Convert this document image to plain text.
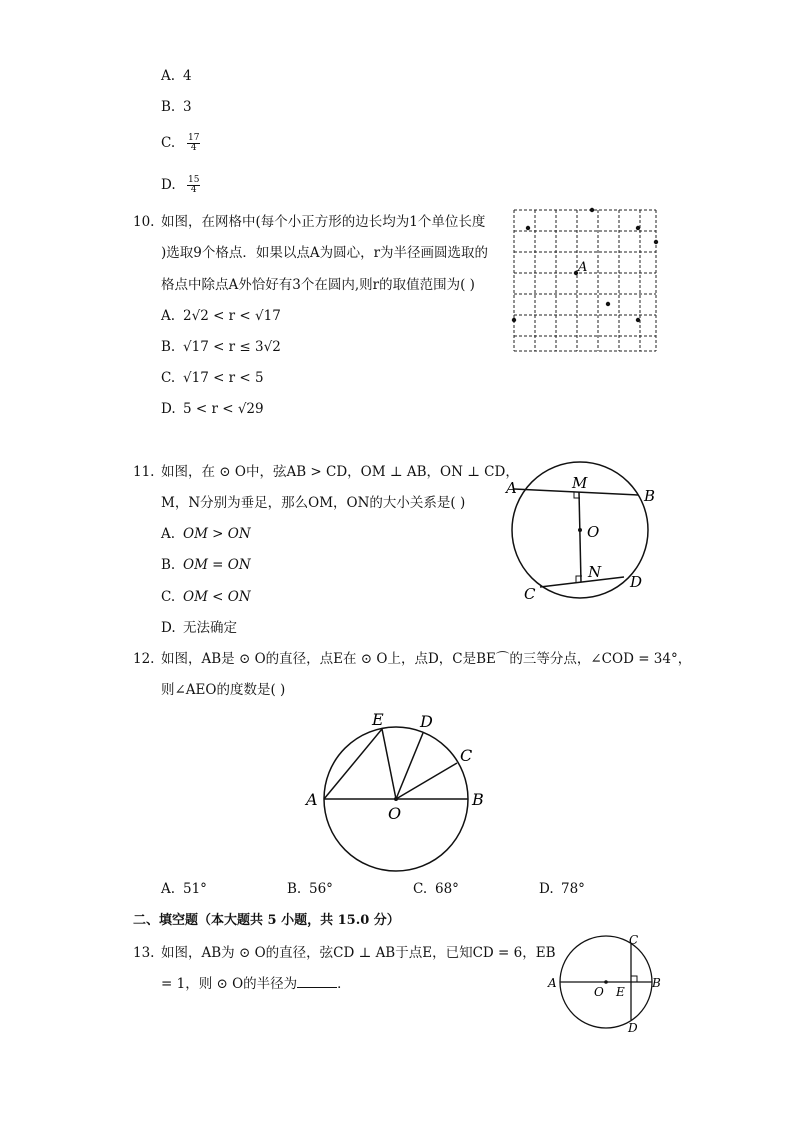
A. 4
B. 3
C. $\frac{17}{4}$
D. $\frac{15}{4}$
10. 如图，在网格中(每个小正方形的边长均为1个单位长度
)选取9个格点．如果以点A为圆心，r为半径画圆选取的
格点中除点A外恰好有3个在圆内,则r的取值范围为( )
A. 2√2 < r < √17
B. √17 < r ≤ 3√2
C. √17 < r < 5
D. 5 < r < √29
A
11. 如图，在 ⊙ O中，弦AB > CD，OM ⊥ AB，ON ⊥ CD，
M，N分别为垂足，那么OM，ON的大小关系是( )
A. OM > ON
B. OM = ON
C. OM < ON
D. 无法确定
A	B
M
O
N
D
C
12. 如图，AB是 ⊙ O的直径，点E在 ⊙ O上，点D，C是BE⌒的三等分点，∠COD = 34°，
则∠AEO的度数是( )
E D
C
A	B
O
A. 51°	B. 56°	C. 68°	D. 78°
二、填空题（本大题共 5 小题，共 15.0 分）
13. 如图，AB为 ⊙ O的直径，弦CD ⊥ AB于点E，已知CD = 6，EB
= 1，则 ⊙ O的半径为	．	A	B
C
D
O E
